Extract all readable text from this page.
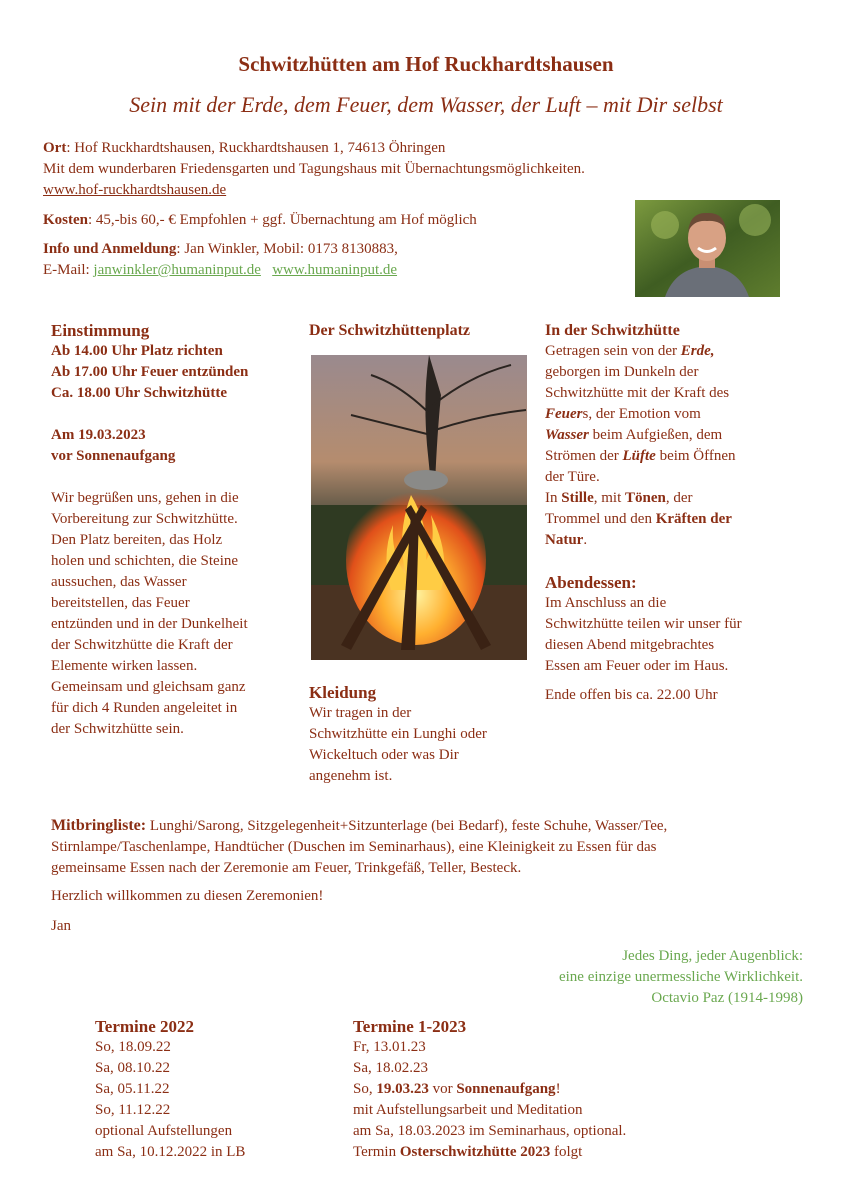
Schwitzhütten am Hof Ruckhardtshausen
Sein mit der Erde, dem Feuer, dem Wasser, der Luft – mit Dir selbst
Ort: Hof Ruckhardtshausen, Ruckhardtshausen 1, 74613 Öhringen
Mit dem wunderbaren Friedensgarten und Tagungshaus mit Übernachtungsmöglichkeiten.
www.hof-ruckhardtshausen.de
Kosten: 45,-bis 60,- € Empfohlen + ggf. Übernachtung am Hof möglich
Info und Anmeldung: Jan Winkler, Mobil: 0173 8130883,
E-Mail: janwinkler@humaninput.de www.humaninput.de
Einstimmung
Ab 14.00 Uhr Platz richten
Ab 17.00 Uhr Feuer entzünden
Ca. 18.00 Uhr Schwitzhütte
Am 19.03.2023
vor Sonnenaufgang
Wir begrüßen uns, gehen in die
Vorbereitung zur Schwitzhütte.
Den Platz bereiten, das Holz
holen und schichten, die Steine
aussuchen, das Wasser
bereitstellen, das Feuer
entzünden und in der Dunkelheit
der Schwitzhütte die Kraft der
Elemente wirken lassen.
Gemeinsam und gleichsam ganz
für dich 4 Runden angeleitet in
der Schwitzhütte sein.
Der Schwitzhüttenplatz
Kleidung
Wir tragen in der
Schwitzhütte ein Lunghi oder
Wickeltuch oder was Dir
angenehm ist.
In der Schwitzhütte
Getragen sein von der Erde,
geborgen im Dunkeln der
Schwitzhütte mit der Kraft des
Feuers, der Emotion vom
Wasser beim Aufgießen, dem
Strömen der Lüfte beim Öffnen
der Türe.
In Stille, mit Tönen, der
Trommel und den Kräften der
Natur.
Abendessen:
Im Anschluss an die
Schwitzhütte teilen wir unser für
diesen Abend mitgebrachtes
Essen am Feuer oder im Haus.
Ende offen bis ca. 22.00 Uhr
Mitbringliste: Lunghi/Sarong, Sitzgelegenheit+Sitzunterlage (bei Bedarf), feste Schuhe, Wasser/Tee,
Stirnlampe/Taschenlampe, Handtücher (Duschen im Seminarhaus), eine Kleinigkeit zu Essen für das
gemeinsame Essen nach der Zeremonie am Feuer, Trinkgefäß, Teller, Besteck.
Herzlich willkommen zu diesen Zeremonien!
Jan
Jedes Ding, jeder Augenblick:
eine einzige unermessliche Wirklichkeit.
Octavio Paz (1914-1998)
Termine 2022
So, 18.09.22
Sa, 08.10.22
Sa, 05.11.22
So, 11.12.22
optional Aufstellungen
am Sa, 10.12.2022 in LB
Termine 1-2023
Fr, 13.01.23
Sa, 18.02.23
So, 19.03.23 vor Sonnenaufgang!
mit Aufstellungsarbeit und Meditation
am Sa, 18.03.2023 im Seminarhaus, optional.
Termin Osterschwitzhütte 2023 folgt
